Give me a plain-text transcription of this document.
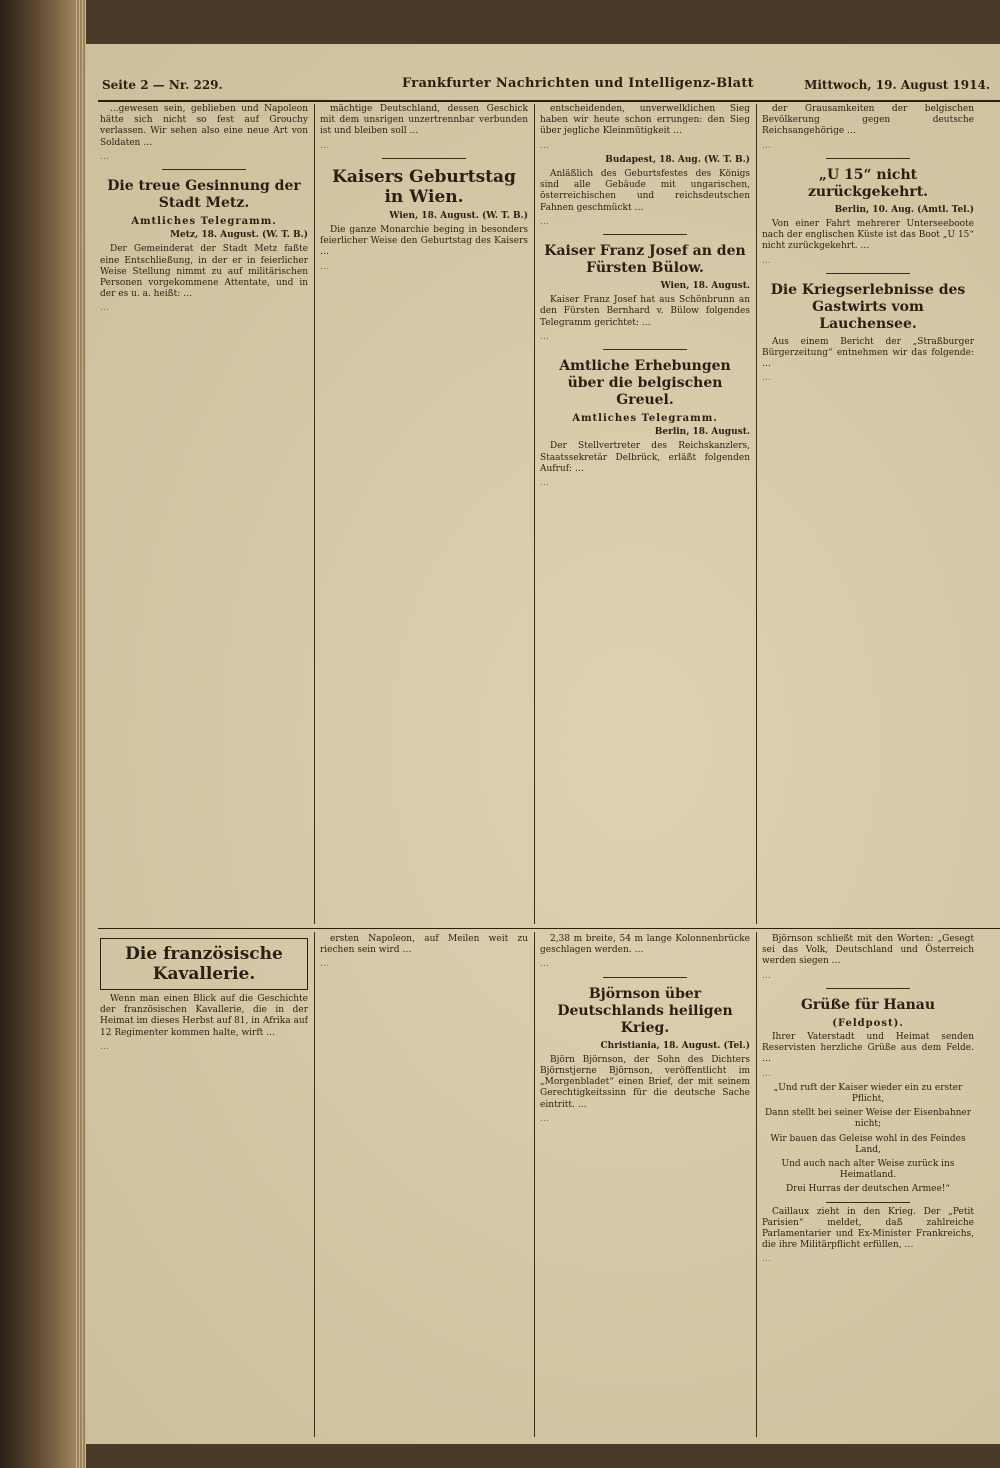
Seite 2 — Nr. 229.	Frankfurter Nachrichten und Intelligenz-Blatt	Mittwoch, 19. August 1914.

...gewesen sein, geblieben und Napoleon hätte sich nicht so fest auf Grouchy verlassen. Wir sehen also eine neue Art von Soldaten …

…

Die treue Gesinnung der Stadt Metz.
Amtliches Telegramm.
Metz, 18. August. (W. T. B.)

Der Gemeinderat der Stadt Metz faßte eine Entschließung, in der er in feierlicher Weise Stellung nimmt zu auf militärischen Personen vorgekommene Attentate, und in der es u. a. heißt: …

…

mächtige Deutschland, dessen Geschick mit dem unsrigen unzertrennbar verbunden ist und bleiben soll …

…

Kaisers Geburtstag in Wien.
Wien, 18. August. (W. T. B.)

Die ganze Monarchie beging in besonders feierlicher Weise den Geburtstag des Kaisers …

…

entscheidenden, unverwelklichen Sieg haben wir heute schon errungen: den Sieg über jegliche Kleinmütigkeit …

…

Budapest, 18. Aug. (W. T. B.)

Anläßlich des Geburtsfestes des Königs sind alle Gebäude mit ungarischen, österreichischen und reichsdeutschen Fahnen geschmückt …

…

Kaiser Franz Josef an den Fürsten Bülow.
Wien, 18. August.

Kaiser Franz Josef hat aus Schönbrunn an den Fürsten Bernhard v. Bülow folgendes Telegramm gerichtet: …

…

Amtliche Erhebungen über die belgischen Greuel.
Amtliches Telegramm.
Berlin, 18. August.

Der Stellvertreter des Reichskanzlers, Staatssekretär Delbrück, erläßt folgenden Aufruf: …

…

der Grausamkeiten der belgischen Bevölkerung gegen deutsche Reichsangehörige …

…

„U 15“ nicht zurückgekehrt.
Berlin, 10. Aug. (Amtl. Tel.)

Von einer Fahrt mehrerer Unterseeboote nach der englischen Küste ist das Boot „U 15“ nicht zurückgekehrt. …

…

Die Kriegserlebnisse des Gastwirts vom Lauchensee.

Aus einem Bericht der „Straßburger Bürgerzeitung“ entnehmen wir das folgende: …

…

Die französische Kavallerie.

Wenn man einen Blick auf die Geschichte der französischen Kavallerie, die in der Heimat im dieses Herbst auf 81, in Afrika auf 12 Regimenter kommen halte, wirft …

…

ersten Napoleon, auf Meilen weit zu riechen sein wird …

…

2,38 m breite, 54 m lange Kolonnenbrücke geschlagen werden. …

…

Björnson über Deutschlands heiligen Krieg.
Christiania, 18. August. (Tel.)

Björn Björnson, der Sohn des Dichters Björnstjerne Björnson, veröffentlicht im „Morgenbladet“ einen Brief, der mit seinem Gerechtigkeitssinn für die deutsche Sache eintritt. …

…

Björnson schließt mit den Worten: „Gesegt sei das Volk, Deutschland und Österreich werden siegen …

…

Grüße für Hanau
(Feldpost).

Ihrer Vaterstadt und Heimat senden Reservisten herzliche Grüße aus dem Felde. …

…

„Und ruft der Kaiser wieder ein zu erster Pflicht,

Dann stellt bei seiner Weise der Eisenbahner nicht;

Wir bauen das Geleise wohl in des Feindes Land,

Und auch nach alter Weise zurück ins Heimatland.

Drei Hurras der deutschen Armee!“

Caillaux zieht in den Krieg. Der „Petit Parisien“ meldet, daß zahlreiche Parlamentarier und Ex-Minister Frankreichs, die ihre Militärpflicht erfüllen, …

…
